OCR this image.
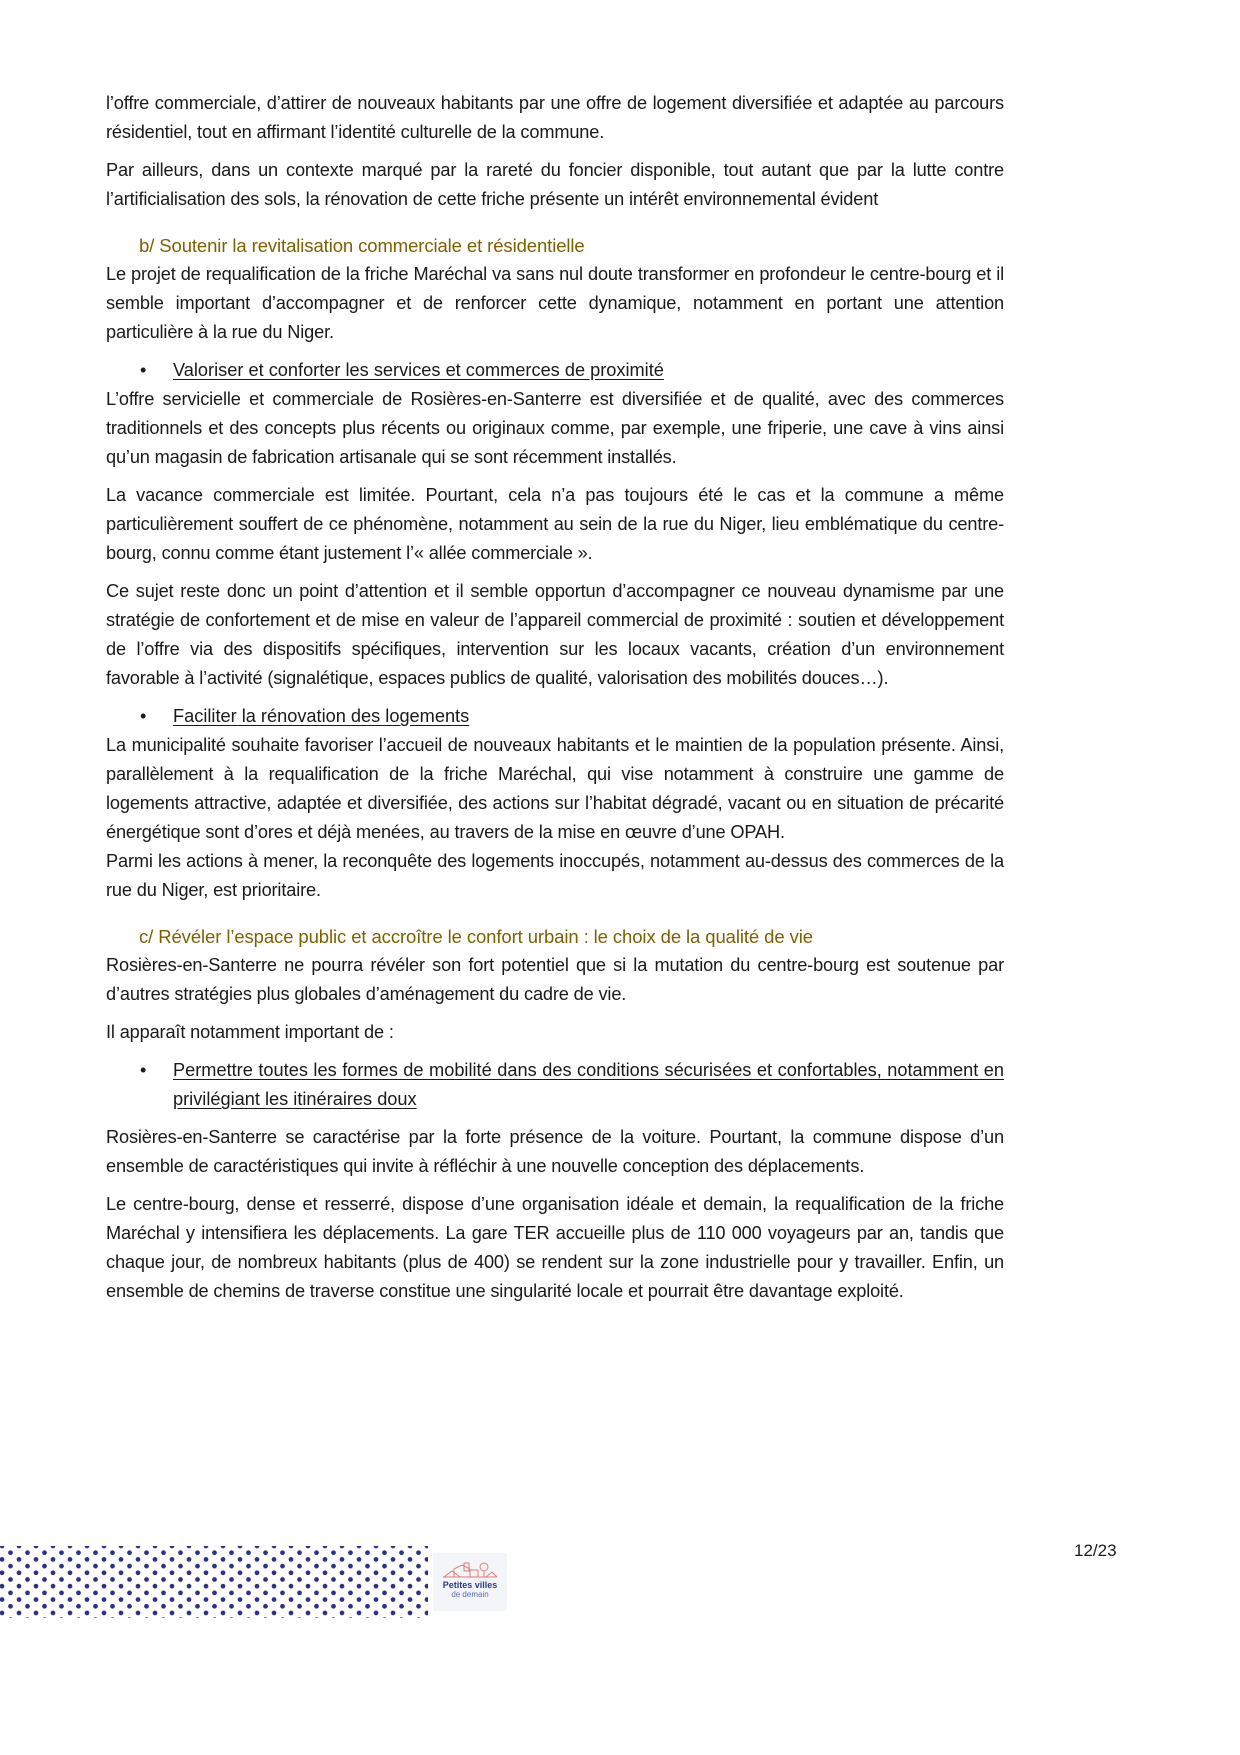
l’offre commerciale, d’attirer de nouveaux habitants par une offre de logement diversifiée et adaptée au parcours résidentiel, tout en affirmant l’identité culturelle de la commune.

Par ailleurs, dans un contexte marqué par la rareté du foncier disponible, tout autant que par la lutte contre l’artificialisation des sols, la rénovation de cette friche présente un intérêt environnemental évident

b/ Soutenir la revitalisation commerciale et résidentielle

Le projet de requalification de la friche Maréchal va sans nul doute transformer en profondeur le centre-bourg et il semble important d’accompagner et de renforcer cette dynamique, notamment en portant une attention particulière à la rue du Niger.

• Valoriser et conforter les services et commerces de proximité

L’offre servicielle et commerciale de Rosières-en-Santerre est diversifiée et de qualité, avec des commerces traditionnels et des concepts plus récents ou originaux comme, par exemple, une friperie, une cave à vins ainsi qu’un magasin de fabrication artisanale qui se sont récemment installés.

La vacance commerciale est limitée. Pourtant, cela n’a pas toujours été le cas et la commune a même particulièrement souffert de ce phénomène, notamment au sein de la rue du Niger, lieu emblématique du centre-bourg, connu comme étant justement l’« allée commerciale ».

Ce sujet reste donc un point d’attention et il semble opportun d’accompagner ce nouveau dynamisme par une stratégie de confortement et de mise en valeur de l’appareil commercial de proximité : soutien et développement de l’offre via des dispositifs spécifiques, intervention sur les locaux vacants, création d’un environnement favorable à l’activité (signalétique, espaces publics de qualité, valorisation des mobilités douces…).

• Faciliter la rénovation des logements

La municipalité souhaite favoriser l’accueil de nouveaux habitants et le maintien de la population présente. Ainsi, parallèlement à la requalification de la friche Maréchal, qui vise notamment à construire une gamme de logements attractive, adaptée et diversifiée, des actions sur l’habitat dégradé, vacant ou en situation de précarité énergétique sont d’ores et déjà menées, au travers de la mise en œuvre d’une OPAH.

Parmi les actions à mener, la reconquête des logements inoccupés, notamment au-dessus des commerces de la rue du Niger, est prioritaire.

c/ Révéler l’espace public et accroître le confort urbain : le choix de la qualité de vie

Rosières-en-Santerre ne pourra révéler son fort potentiel que si la mutation du centre-bourg est soutenue par d’autres stratégies plus globales d’aménagement du cadre de vie.

Il apparaît notamment important de :

• Permettre toutes les formes de mobilité dans des conditions sécurisées et confortables, notamment en privilégiant les itinéraires doux

Rosières-en-Santerre se caractérise par la forte présence de la voiture. Pourtant, la commune dispose d’un ensemble de caractéristiques qui invite à réfléchir à une nouvelle conception des déplacements.

Le centre-bourg, dense et resserré, dispose d’une organisation idéale et demain, la requalification de la friche Maréchal y intensifiera les déplacements. La gare TER accueille plus de 110 000 voyageurs par an, tandis que chaque jour, de nombreux habitants (plus de 400) se rendent sur la zone industrielle pour y travailler. Enfin, un ensemble de chemins de traverse constitue une singularité locale et pourrait être davantage exploité.

Petites villes
de demain
12/23
